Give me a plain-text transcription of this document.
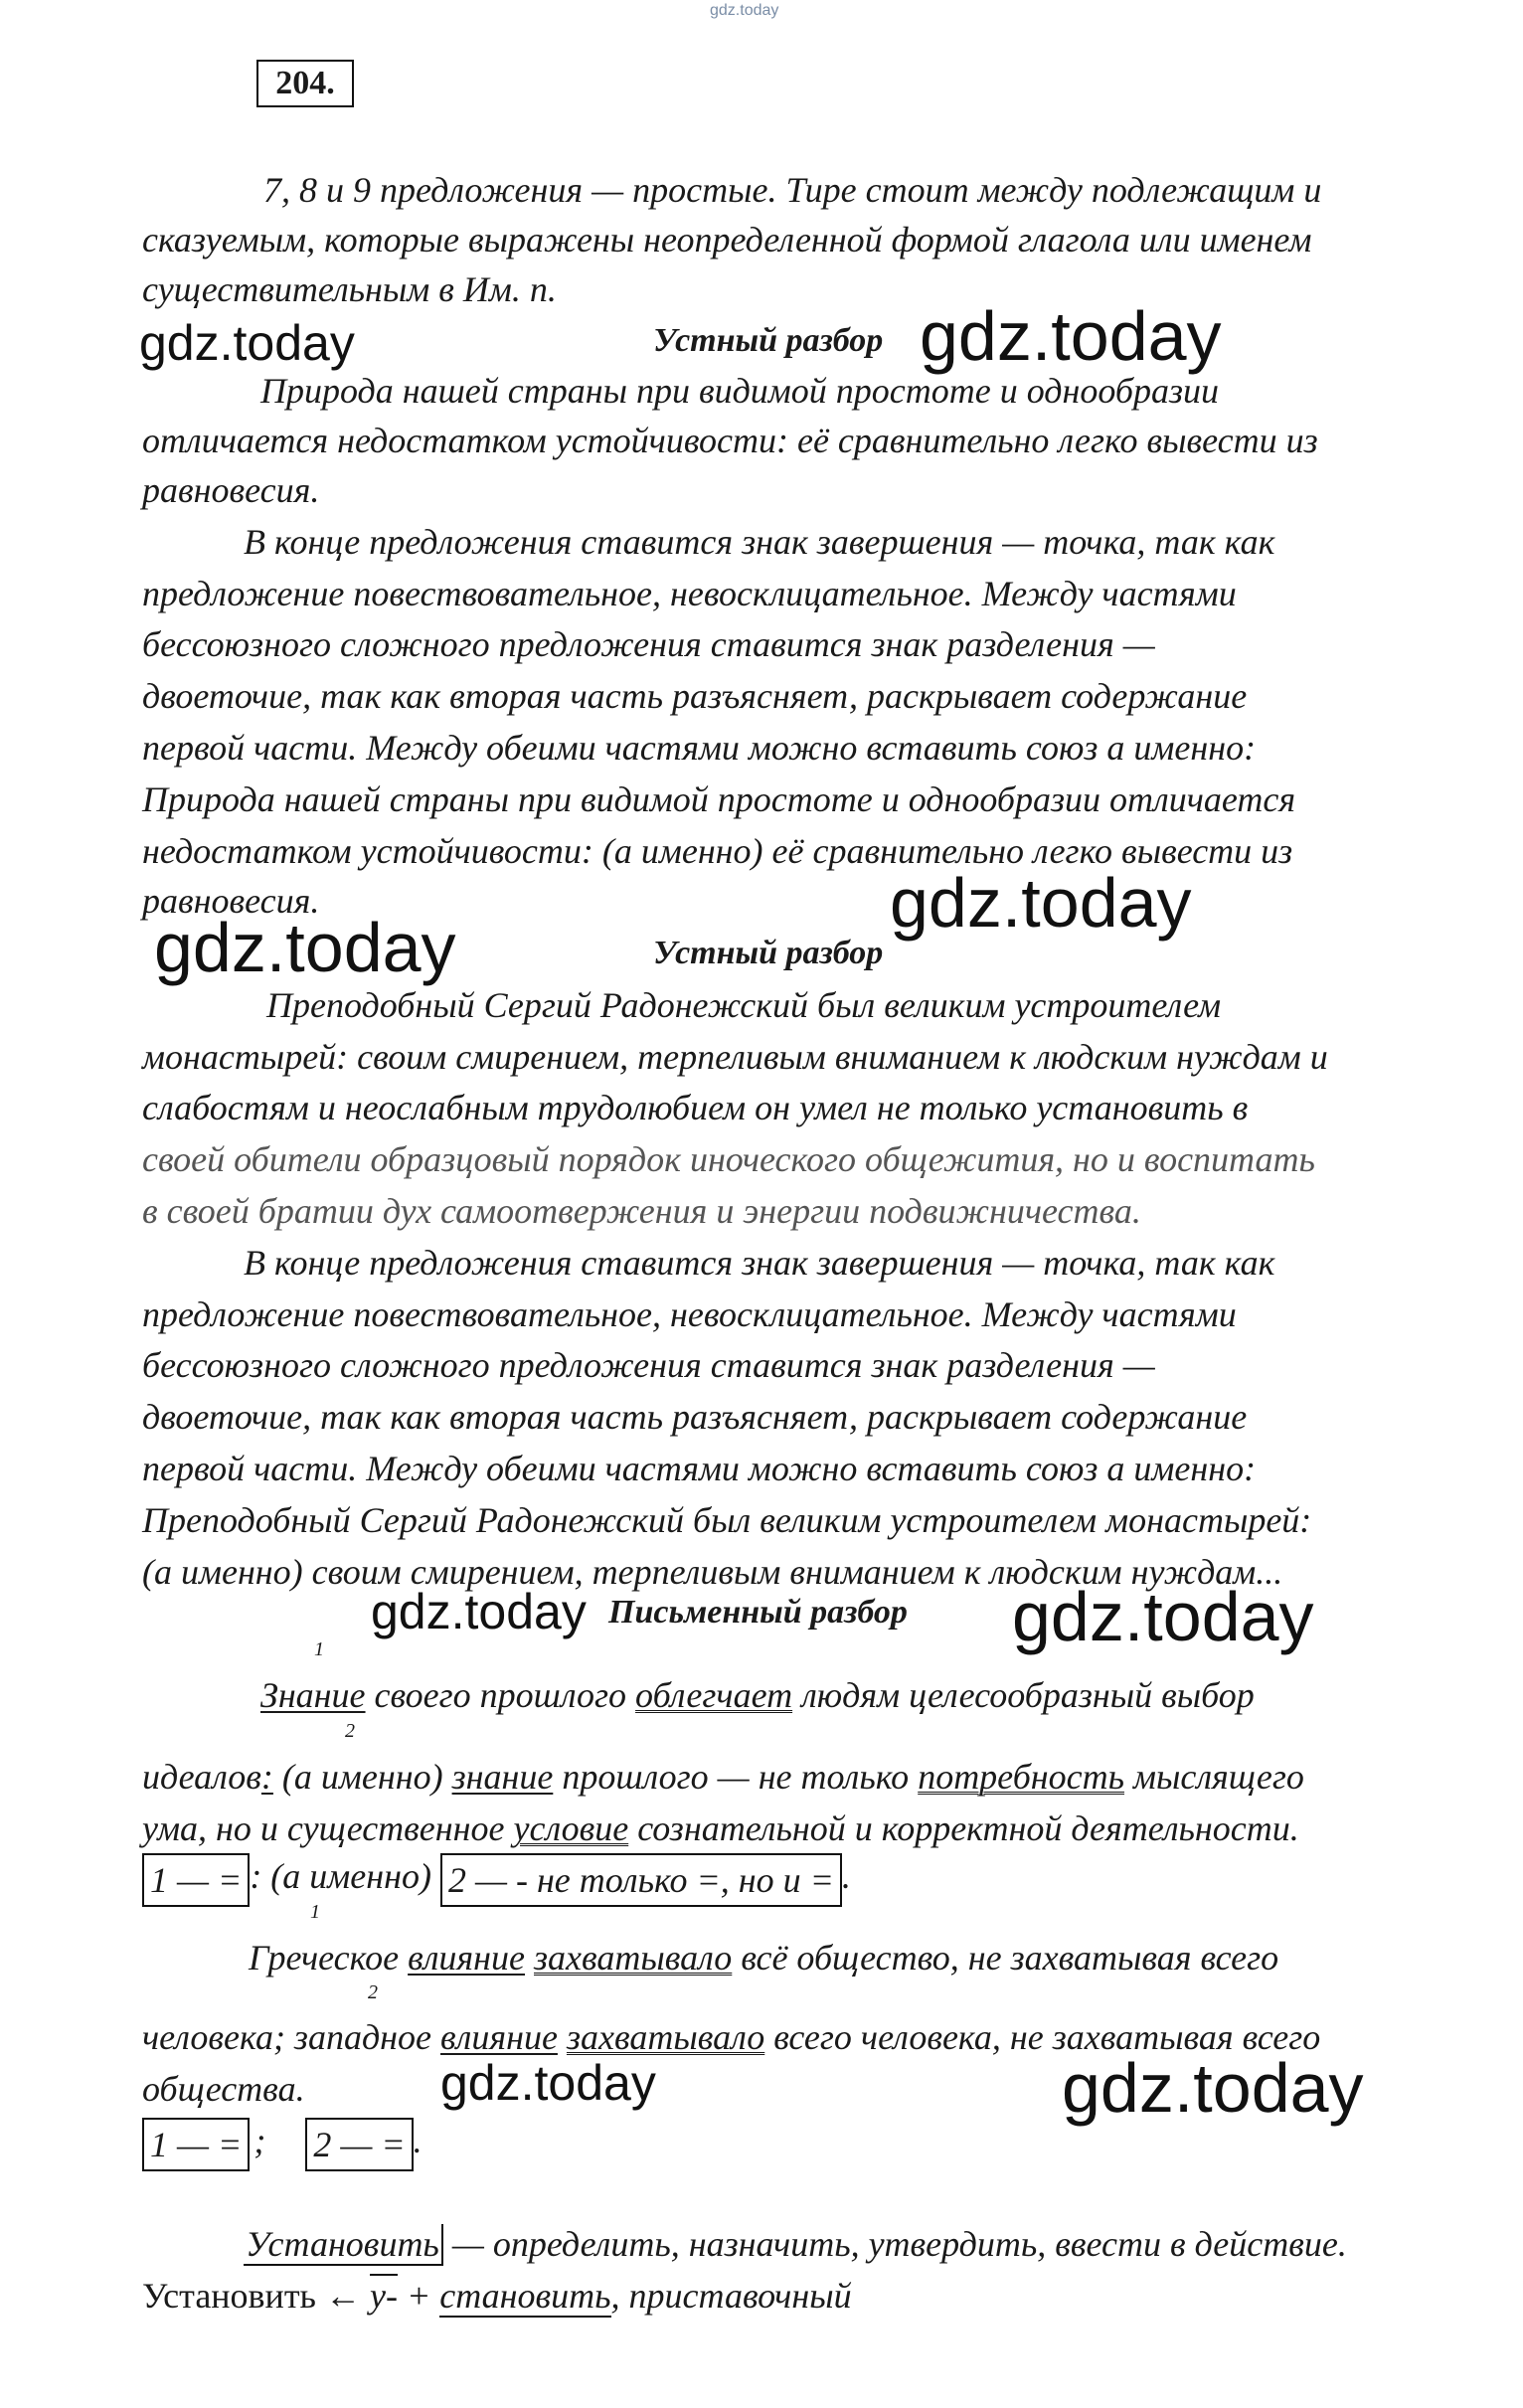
gdz.today
204.
7, 8 и 9 предложения — простые. Тире стоит между подлежащим и
сказуемым, которые выражены неопределенной формой глагола или именем
существительным в Им. п.
gdz.today	Устный разбор gdz.today
Природа нашей страны при видимой простоте и однообразии
отличается недостатком устойчивости: её сравнительно легко вывести из
равновесия.
В конце предложения ставится знак завершения — точка, так как
предложение повествовательное, невосклицательное. Между частями
бессоюзного сложного предложения ставится знак разделения —
двоеточие, так как вторая часть разъясняет, раскрывает содержание
первой части. Между обеими частями можно вставить союз а именно:
Природа нашей страны при видимой простоте и однообразии отличается
недостатком устойчивости: (а именно) её сравнительно легко вывести из
равновесия.	gdz.today
gdz.today	Устный разбор
Преподобный Сергий Радонежский был великим устроителем
монастырей: своим смирением, терпеливым вниманием к людским нуждам и
слабостям и неослабным трудолюбием он умел не только установить в
своей обители образцовый порядок иноческого общежития, но и воспитать
в своей братии дух самоотвержения и энергии подвижничества.
В конце предложения ставится знак завершения — точка, так как
предложение повествовательное, невосклицательное. Между частями
бессоюзного сложного предложения ставится знак разделения —
двоеточие, так как вторая часть разъясняет, раскрывает содержание
первой части. Между обеими частями можно вставить союз а именно:
Преподобный Сергий Радонежский был великим устроителем монастырей:
(а именно) своим смирением, терпеливым вниманием к людским нуждам...
gdz.today Письменный разбор gdz.today
1
Знание своего прошлого облегчает людям целесообразный выбор
2
идеалов: (а именно) знание прошлого — не только потребность мыслящего
ума, но и существенное условие сознательной и корректной деятельности.
1 — = : (а именно) 2 — - не только =, но и = .
1
Греческое влияние захватывало всё общество, не захватывая всего
2
человека; западное влияние захватывало всего человека, не захватывая всего
общества.	gdz.today	gdz.today
1 — = ; 2 — = .
Установить — определить, назначить, утвердить, ввести в действие.
Установить ← у- + становить, приставочный
